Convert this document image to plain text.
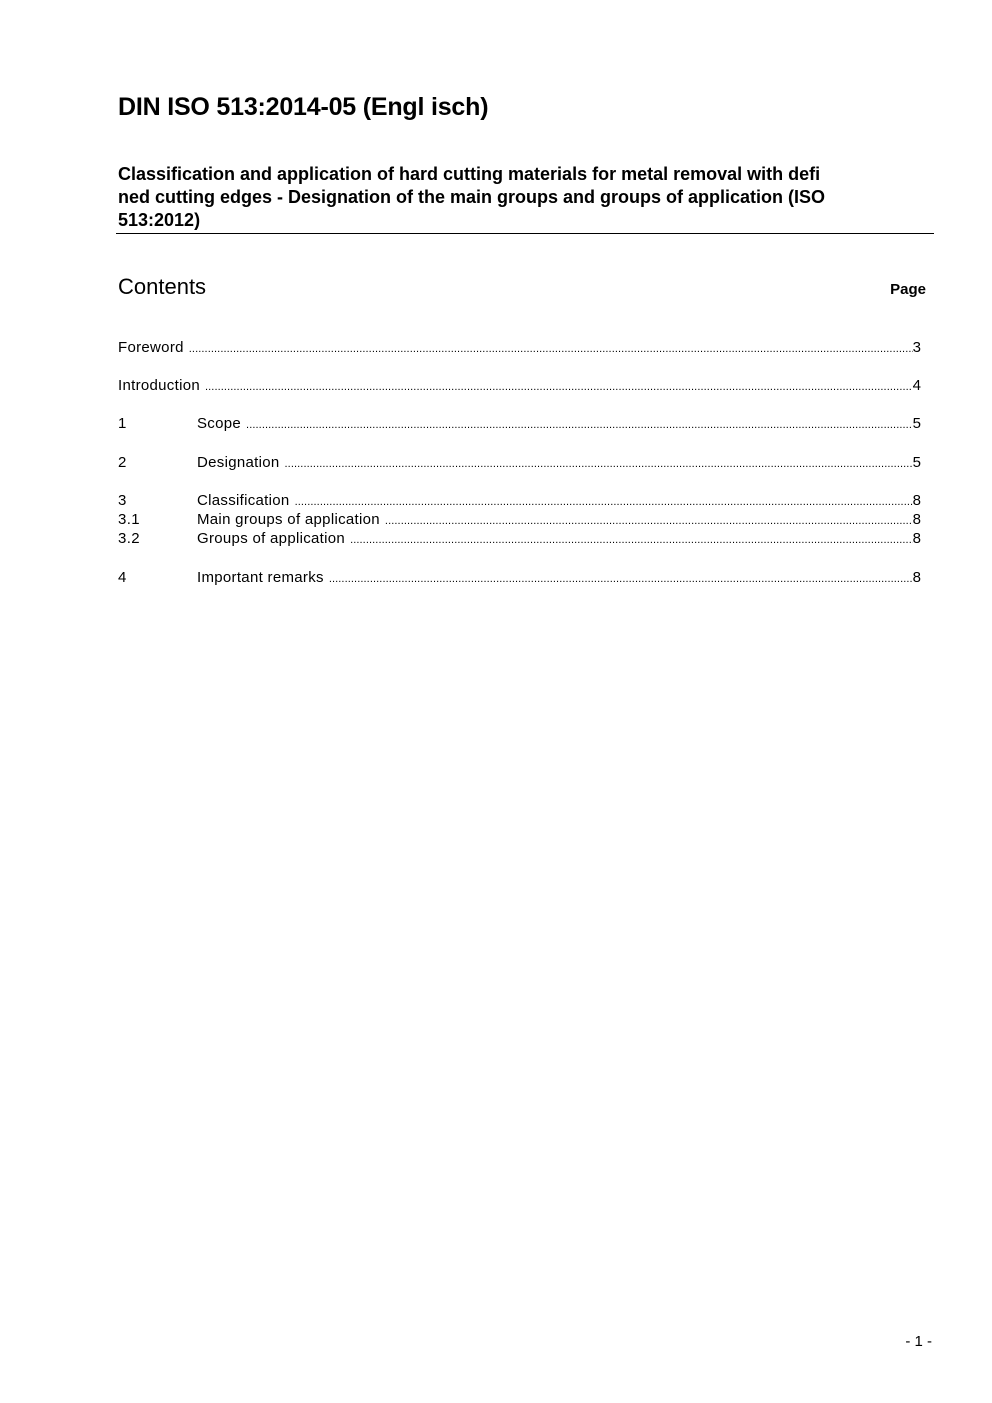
DIN ISO 513:2014-05 (Engl isch)
Classification and application of hard cutting materials for metal removal with defi
ned cutting edges - Designation of the main groups and groups of application (ISO
513:2012)
Contents	Page
Foreword .....	3
Introduction .....	4
1	Scope .....	5
2	Designation .....	5
3	Classification .....	8
3.1	Main groups of application .....	8
3.2	Groups of application .....	8
4	Important remarks .....	8
- 1 -
